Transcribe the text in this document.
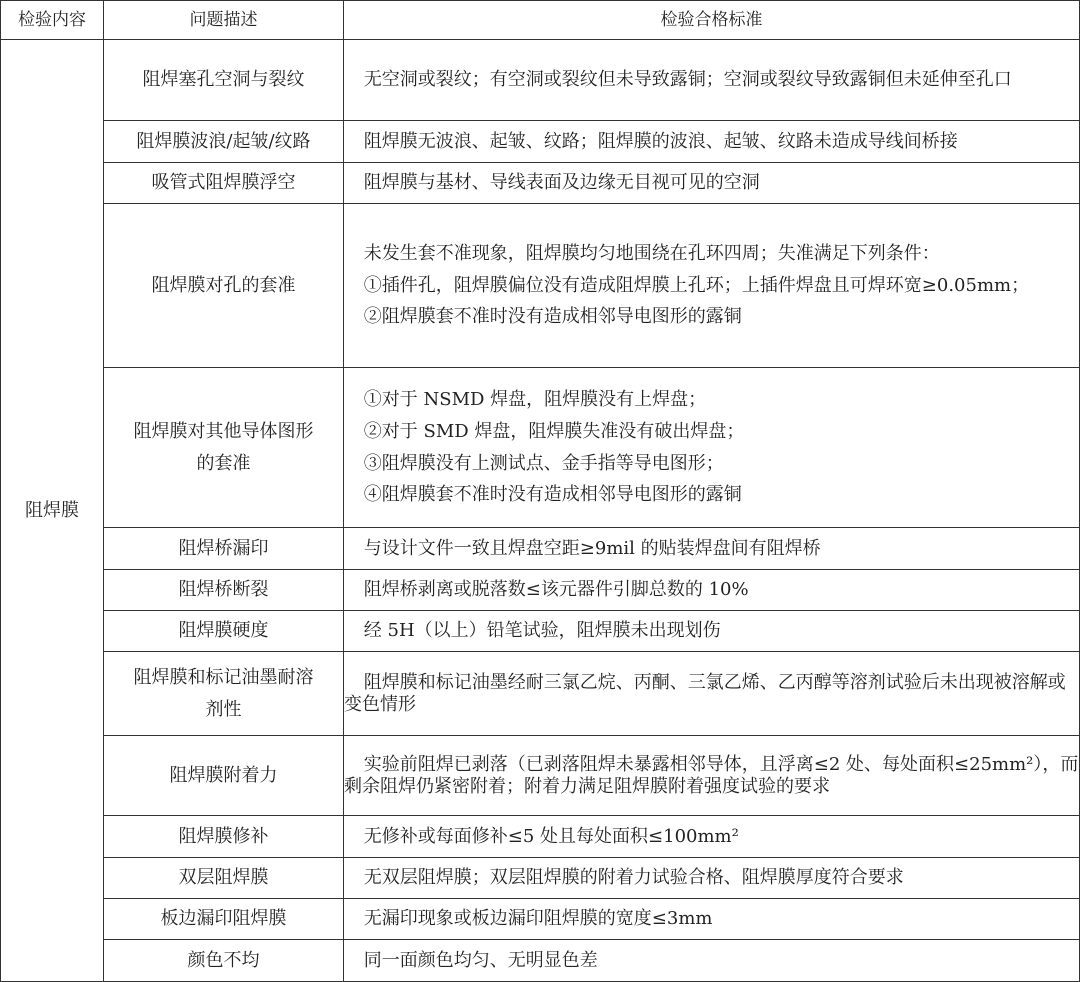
检验内容	问题描述	检验合格标准
阻焊膜	阻焊塞孔空洞与裂纹	无空洞或裂纹；有空洞或裂纹但未导致露铜；空洞或裂纹导致露铜但未延伸至孔口

	阻焊膜波浪/起皱/纹路	阻焊膜无波浪、起皱、纹路；阻焊膜的波浪、起皱、纹路未造成导线间桥接

	吸管式阻焊膜浮空	阻焊膜与基材、导线表面及边缘无目视可见的空洞

	阻焊膜对孔的套准	未发生套不准现象，阻焊膜均匀地围绕在孔环四周；失准满足下列条件：
①插件孔，阻焊膜偏位没有造成阻焊膜上孔环；上插件焊盘且可焊环宽≥0.05mm；
②阻焊膜套不准时没有造成相邻导电图形的露铜

	阻焊膜对其他导体图形
的套准	①对于 NSMD 焊盘，阻焊膜没有上焊盘；
②对于 SMD 焊盘，阻焊膜失准没有破出焊盘；
③阻焊膜没有上测试点、金手指等导电图形；
④阻焊膜套不准时没有造成相邻导电图形的露铜

	阻焊桥漏印	与设计文件一致且焊盘空距≥9mil 的贴装焊盘间有阻焊桥

	阻焊桥断裂	阻焊桥剥离或脱落数≤该元器件引脚总数的 10%

	阻焊膜硬度	经 5H（以上）铅笔试验，阻焊膜未出现划伤

	阻焊膜和标记油墨耐溶
剂性	阻焊膜和标记油墨经耐三氯乙烷、丙酮、三氯乙烯、乙丙醇等溶剂试验后未出现被溶解或变色情形

	阻焊膜附着力	实验前阻焊已剥落（已剥落阻焊未暴露相邻导体，且浮离≤2 处、每处面积≤25mm²），而剩余阻焊仍紧密附着；附着力满足阻焊膜附着强度试验的要求

	阻焊膜修补	无修补或每面修补≤5 处且每处面积≤100mm²

	双层阻焊膜	无双层阻焊膜；双层阻焊膜的附着力试验合格、阻焊膜厚度符合要求

	板边漏印阻焊膜	无漏印现象或板边漏印阻焊膜的宽度≤3mm

	颜色不均	同一面颜色均匀、无明显色差
